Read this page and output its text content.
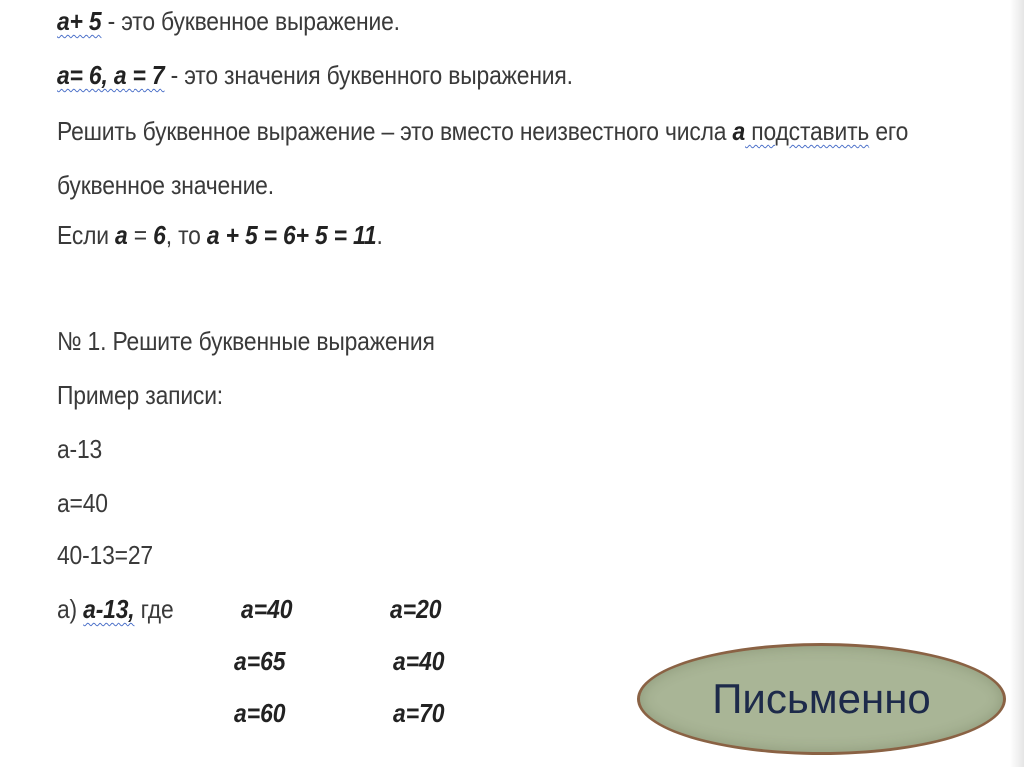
а+ 5 - это буквенное выражение.
а= 6, а = 7 - это значения буквенного выражения.
Решить буквенное выражение – это вместо неизвестного числа а подставить его
буквенное значение.
Если а = 6, то а + 5 = 6+ 5 = 11.
№ 1. Решите буквенные выражения
Пример записи:
а-13
а=40
40-13=27
а) а-13, где	а=40	а=20
а=65	а=40
а=60	а=70	Письменно
